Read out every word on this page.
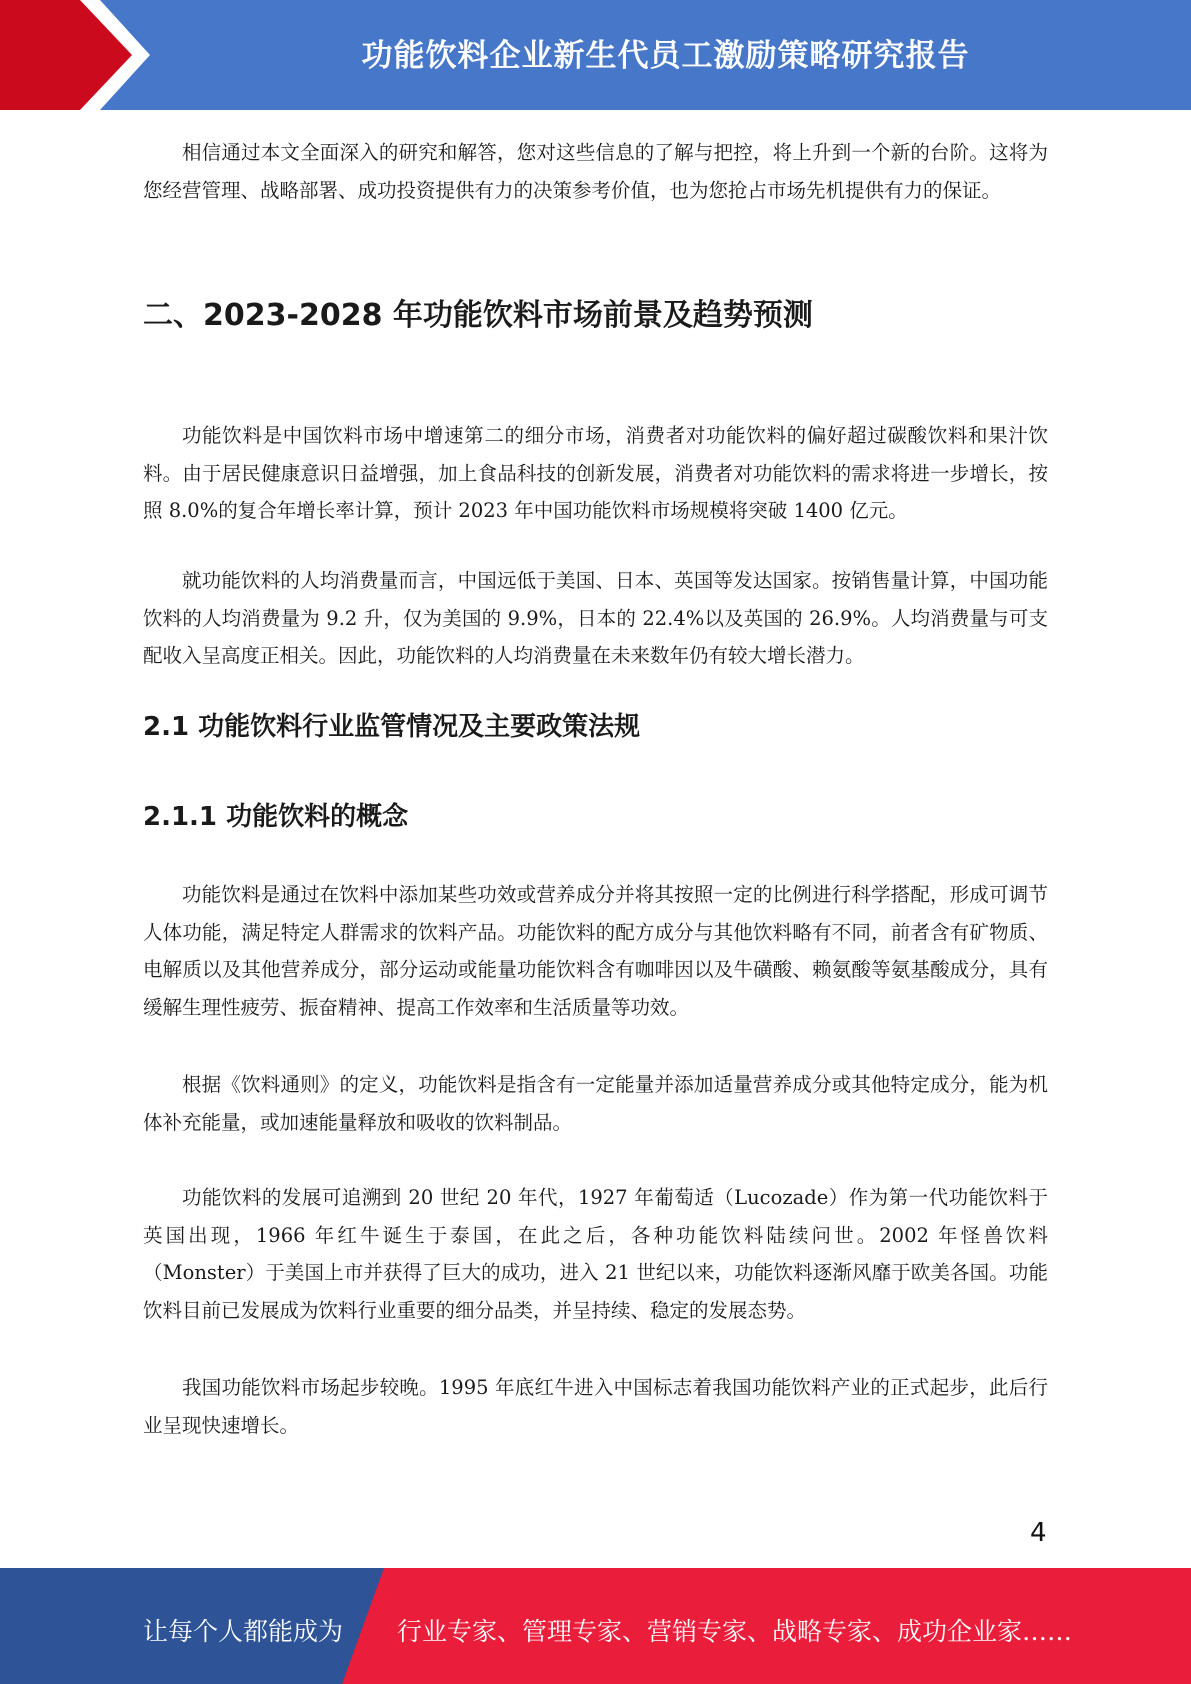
功能饮料企业新生代员工激励策略研究报告

相信通过本文全面深入的研究和解答，您对这些信息的了解与把控，将上升到一个新的台阶。这将为您经营管理、战略部署、成功投资提供有力的决策参考价值，也为您抢占市场先机提供有力的保证。

二、2023-2028 年功能饮料市场前景及趋势预测

功能饮料是中国饮料市场中增速第二的细分市场，消费者对功能饮料的偏好超过碳酸饮料和果汁饮料。由于居民健康意识日益增强，加上食品科技的创新发展，消费者对功能饮料的需求将进一步增长，按照 8.0%的复合年增长率计算，预计 2023 年中国功能饮料市场规模将突破 1400 亿元。

就功能饮料的人均消费量而言，中国远低于美国、日本、英国等发达国家。按销售量计算，中国功能饮料的人均消费量为 9.2 升，仅为美国的 9.9%，日本的 22.4%以及英国的 26.9%。人均消费量与可支配收入呈高度正相关。因此，功能饮料的人均消费量在未来数年仍有较大增长潜力。

2.1 功能饮料行业监管情况及主要政策法规
2.1.1 功能饮料的概念

功能饮料是通过在饮料中添加某些功效或营养成分并将其按照一定的比例进行科学搭配，形成可调节人体功能，满足特定人群需求的饮料产品。功能饮料的配方成分与其他饮料略有不同，前者含有矿物质、电解质以及其他营养成分，部分运动或能量功能饮料含有咖啡因以及牛磺酸、赖氨酸等氨基酸成分，具有缓解生理性疲劳、振奋精神、提高工作效率和生活质量等功效。

根据《饮料通则》的定义，功能饮料是指含有一定能量并添加适量营养成分或其他特定成分，能为机体补充能量，或加速能量释放和吸收的饮料制品。

功能饮料的发展可追溯到 20 世纪 20 年代，1927 年葡萄适（Lucozade）作为第一代功能饮料于英国出现，1966 年红牛诞生于泰国，在此之后，各种功能饮料陆续问世。2002 年怪兽饮料（Monster）于美国上市并获得了巨大的成功，进入 21 世纪以来，功能饮料逐渐风靡于欧美各国。功能饮料目前已发展成为饮料行业重要的细分品类，并呈持续、稳定的发展态势。

我国功能饮料市场起步较晚。1995 年底红牛进入中国标志着我国功能饮料产业的正式起步，此后行业呈现快速增长。

4
让每个人都能成为 行业专家、管理专家、营销专家、战略专家、成功企业家……
